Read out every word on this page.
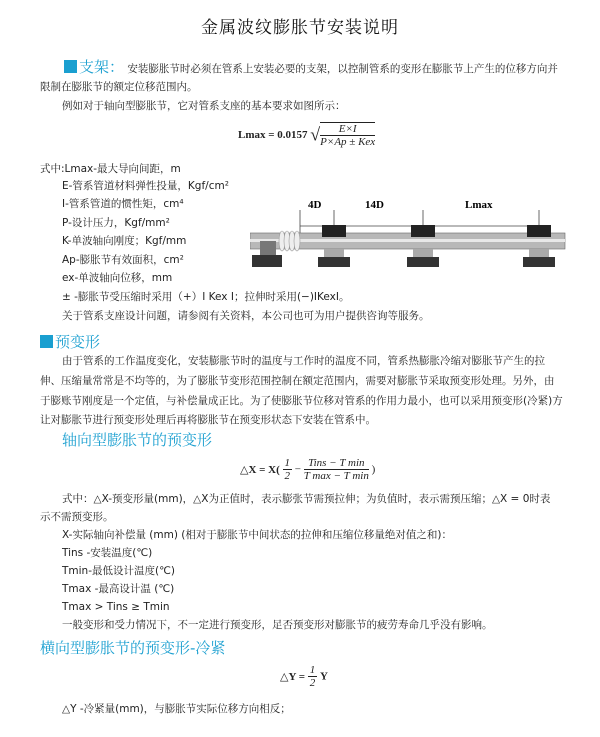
金属波纹膨胀节安装说明
支架： 安装膨胀节时必须在管系上安装必要的支架，以控制管系的变形在膨胀节上产生的位移方向并
限制在膨胀节的额定位移范围内。
例如对于轴向型膨胀节，它对管系支座的基本要求如图所示：
Lmax = 0.0157 √ $\frac{E\times I}{\text{P×Ap ± Kex}}$
式中:Lmax-最大导向间距，m
E-管系管道材料弹性投量，Kgf/cm²
I-管系管道的惯性矩，cm⁴
P-设计压力，Kgf/mm²
K-单波轴向刚度；Kgf/mm
Ap-膨胀节有效面积，cm²
ex-单波轴向位移，mm
± -膨胀节受压缩时采用（+）I Kex I；拉伸时采用(−)IKexI。
关于管系支座设计问题，请参阅有关资料，本公司也可为用户提供咨询等服务。
4D	14D	Lmax
预变形
由于管系的工作温度变化，安装膨胀节时的温度与工作时的温度不同，管系热膨胀冷缩对膨胀节产生的拉
伸、压缩量常常是不均等的，为了膨胀节变形范围控制在额定范围内，需要对膨胀节采取预变形处理。另外，由
于膨账节刚度是一个定值，与补偿量成正比。为了使膨胀节位移对管系的作用力最小，也可以采用预变形(冷紧)方
让对膨胀节进行预变形处理后再将膨胀节在预变形状态下安装在管系中。
轴向型膨胀节的预变形
△X = $X( \frac{1}{2} - \frac{\text{Tins − T min}}{\text{T max − T min}}$ )
式中：△X-预变形量(mm)，△X为正值时，表示膨张节需预拉伸；为负值时，表示需预压缩；△X = 0时表
示不需预变形。
X-实际轴向补偿量 (mm) (相对于膨胀节中间状态的拉伸和压缩位移量绝对值之和)：
Tins -安装温度(℃)
Tmin-最低设计温度(℃)
Tmax -最高设计温 (℃)
Tmax > Tins ≥ Tmin
一般变形和受力情况下，不一定进行预变形，足否预变形对膨胀节的疲劳寿命几乎没有影响。
横向型膨胀节的预变形-冷紧
△Y = $\frac{1}{2}$ Y
△Y -冷紧量(mm)，与膨胀节实际位移方向相反；
